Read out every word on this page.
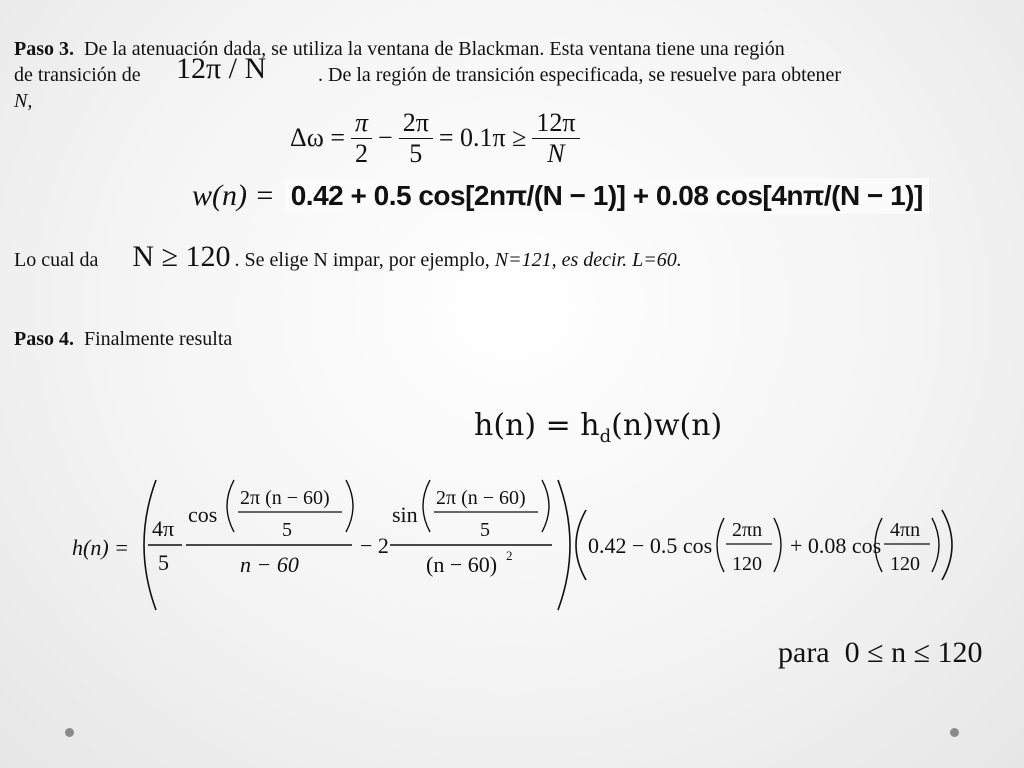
Paso 3. De la atenuación dada, se utiliza la ventana de Blackman. Esta ventana tiene una región
de transición de 12π / N	. De la región de transición especificada, se resuelve para obtener
N,
$\Delta\omega = \frac{\pi}{2} - \frac{2\pi}{5} = 0.1\pi \ge \frac{12\pi}{N}$
w(n) = 0.42 + 0.5 cos[2nπ/(N − 1)] + 0.08 cos[4nπ/(N − 1)]
Lo cual da N ≥ 120 . Se elige N impar, por ejemplo,
N=121, es decir. L=60.
Paso 4. Finalmente resulta
$h(n) = h_d(n)w(n)$
h(n) =
4π
5
cos
2π (n − 60)
5
n − 60
− 2
sin
2π (n − 60)
5
(n − 60) 2	0.42 − 0.5 cos
2πn
120
+ 0.08 cos
4πn
120
para  0 ≤ n ≤ 120
